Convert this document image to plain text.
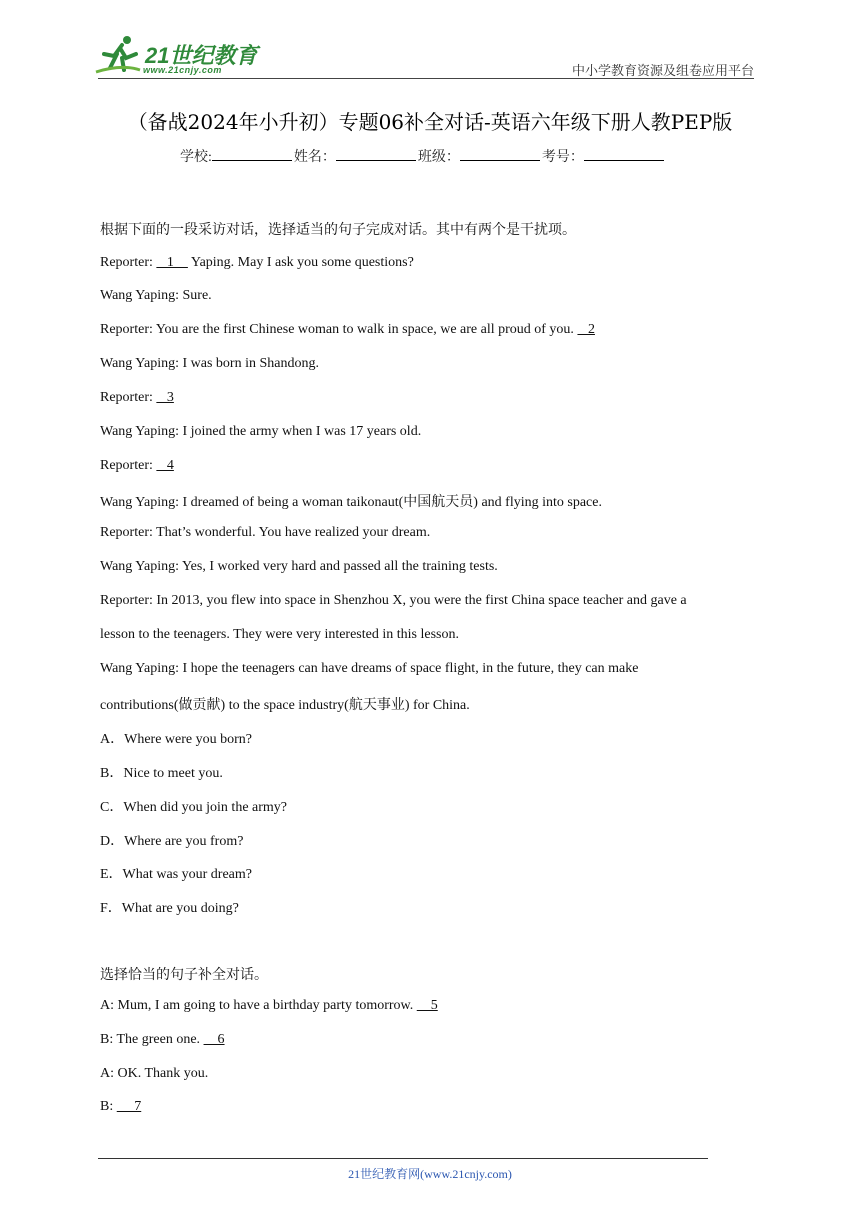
21世纪教育
www.21cnjy.com	中小学教育资源及组卷应用平台
（备战2024年小升初）专题06补全对话-英语六年级下册人教PEP版
学校:	姓名：	班级：	考号：
根据下面的一段采访对话，选择适当的句子完成对话。其中有两个是干扰项。
Reporter:    1     Yaping. May I ask you some questions?
Wang Yaping: Sure.
Reporter: You are the first Chinese woman to walk in space, we are all proud of you.    2
Wang Yaping: I was born in Shandong.
Reporter:    3
Wang Yaping: I joined the army when I was 17 years old.
Reporter:    4
Wang Yaping: I dreamed of being a woman taikonaut(中国航天员) and flying into space.
Reporter: That’s wonderful. You have realized your dream.
Wang Yaping: Yes, I worked very hard and passed all the training tests.
Reporter: In 2013, you flew into space in Shenzhou X, you were the first China space teacher and gave a
lesson to the teenagers. They were very interested in this lesson.
Wang Yaping: I hope the teenagers can have dreams of space flight, in the future, they can make
contributions(做贡献) to the space industry(航天事业) for China.
A．Where were you born?
B．Nice to meet you.
C．When did you join the army?
D．Where are you from?
E．What was your dream?
F．What are you doing?
选择恰当的句子补全对话。
A: Mum, I am going to have a birthday party tomorrow.     5
B: The green one.     6
A: OK. Thank you.
B:      7
21世纪教育网(www.21cnjy.com)
